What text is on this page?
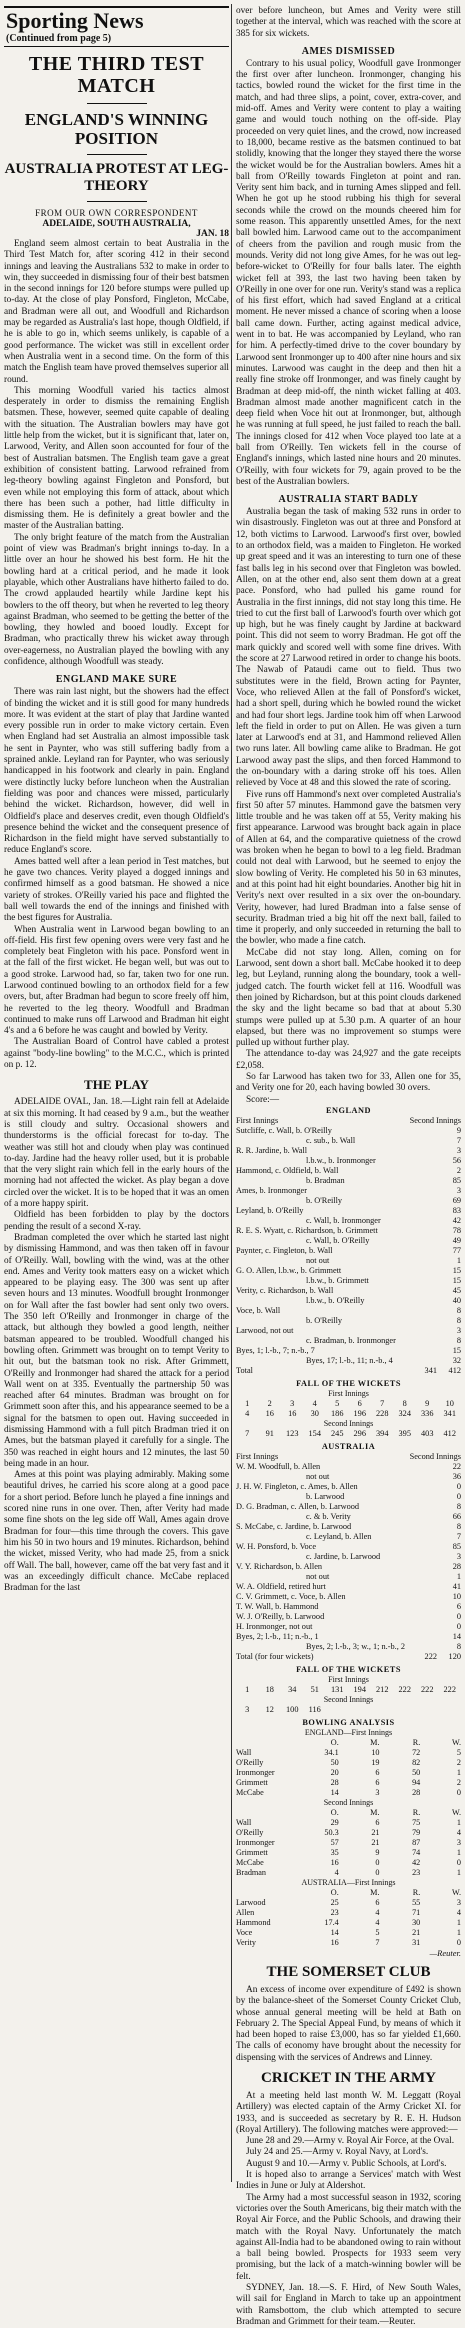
Sporting News
(Continued from page 5)
THE THIRD TEST MATCH
ENGLAND'S WINNING POSITION
AUSTRALIA PROTEST AT LEG-THEORY
FROM OUR OWN CORRESPONDENT
ADELAIDE, SOUTH AUSTRALIA,
JAN. 18

England seem almost certain to beat Australia in the Third Test Match for, after scoring 412 in their second innings and leaving the Australians 532 to make in order to win, they succeeded in dismissing four of their best batsmen in the second innings for 120 before stumps were pulled up to-day. At the close of play Ponsford, Fingleton, McCabe, and Bradman were all out, and Woodfull and Richardson may be regarded as Australia's last hope, though Oldfield, if he is able to go in, which seems unlikely, is capable of a good performance. The wicket was still in excellent order when Australia went in a second time. On the form of this match the English team have proved themselves superior all round.

This morning Woodfull varied his tactics almost desperately in order to dismiss the remaining English batsmen. These, however, seemed quite capable of dealing with the situation. The Australian bowlers may have got little help from the wicket, but it is significant that, later on, Larwood, Verity, and Allen soon accounted for four of the best of Australian batsmen. The English team gave a great exhibition of consistent batting. Larwood refrained from leg-theory bowling against Fingleton and Ponsford, but even while not employing this form of attack, about which there has been such a pother, had little difficulty in dismissing them. He is definitely a great bowler and the master of the Australian batting.

The only bright feature of the match from the Australian point of view was Bradman's bright innings to-day. In a little over an hour he showed his best form. He hit the bowling hard at a critical period, and he made it look playable, which other Australians have hitherto failed to do. The crowd applauded heartily while Jardine kept his bowlers to the off theory, but when he reverted to leg theory against Bradman, who seemed to be getting the better of the bowling, they howled and booed loudly. Except for Bradman, who practically threw his wicket away through over-eagerness, no Australian played the bowling with any confidence, although Woodfull was steady.

ENGLAND MAKE SURE

There was rain last night, but the showers had the effect of binding the wicket and it is still good for many hundreds more. It was evident at the start of play that Jardine wanted every possible run in order to make victory certain. Even when England had set Australia an almost impossible task he sent in Paynter, who was still suffering badly from a sprained ankle. Leyland ran for Paynter, who was seriously handicapped in his footwork and clearly in pain. England were distinctly lucky before luncheon when the Australian fielding was poor and chances were missed, particularly behind the wicket. Richardson, however, did well in Oldfield's place and deserves credit, even though Oldfield's presence behind the wicket and the consequent presence of Richardson in the field might have served substantially to reduce England's score.

Ames batted well after a lean period in Test matches, but he gave two chances. Verity played a dogged innings and confirmed himself as a good batsman. He showed a nice variety of strokes. O'Reilly varied his pace and flighted the ball well towards the end of the innings and finished with the best figures for Australia.

When Australia went in Larwood began bowling to an off-field. His first few opening overs were very fast and he completely beat Fingleton with his pace. Ponsford went in at the fall of the first wicket. He began well, but was out to a good stroke. Larwood had, so far, taken two for one run. Larwood continued bowling to an orthodox field for a few overs, but, after Bradman had begun to score freely off him, he reverted to the leg theory. Woodfull and Bradman continued to make runs off Larwood and Bradman hit eight 4's and a 6 before he was caught and bowled by Verity.

The Australian Board of Control have cabled a protest against "body-line bowling" to the M.C.C., which is printed on p. 12.

THE PLAY

ADELAIDE OVAL, Jan. 18.—Light rain fell at Adelaide at six this morning. It had ceased by 9 a.m., but the weather is still cloudy and sultry. Occasional showers and thunderstorms is the official forecast for to-day. The weather was still hot and cloudy when play was continued to-day. Jardine had the heavy roller used, but it is probable that the very slight rain which fell in the early hours of the morning had not affected the wicket. As play began a dove circled over the wicket. It is to be hoped that it was an omen of a more happy spirit.

Oldfield has been forbidden to play by the doctors pending the result of a second X-ray.

Bradman completed the over which he started last night by dismissing Hammond, and was then taken off in favour of O'Reilly. Wall, bowling with the wind, was at the other end. Ames and Verity took matters easy on a wicket which appeared to be playing easy. The 300 was sent up after seven hours and 13 minutes. Woodfull brought Ironmonger on for Wall after the fast bowler had sent only two overs. The 350 left O'Reilly and Ironmonger in charge of the attack, but although they bowled a good length, neither batsman appeared to be troubled. Woodfull changed his bowling often. Grimmett was brought on to tempt Verity to hit out, but the batsman took no risk. After Grimmett, O'Reilly and Ironmonger had shared the attack for a period Wall went on at 335. Eventually the partnership 50 was reached after 64 minutes. Bradman was brought on for Grimmett soon after this, and his appearance seemed to be a signal for the batsmen to open out. Having succeeded in dismissing Hammond with a full pitch Bradman tried it on Ames, but the batsman played it carefully for a single. The 350 was reached in eight hours and 12 minutes, the last 50 being made in an hour.

Ames at this point was playing admirably. Making some beautiful drives, he carried his score along at a good pace for a short period. Before lunch he played a fine innings and scored nine runs in one over. Then, after Verity had made some fine shots on the leg side off Wall, Ames again drove Bradman for four—this time through the covers. This gave him his 50 in two hours and 19 minutes. Richardson, behind the wicket, missed Verity, who had made 25, from a snick off Wall. The ball, however, came off the bat very fast and it was an exceedingly difficult chance. McCabe replaced Bradman for the last

over before luncheon, but Ames and Verity were still together at the interval, which was reached with the score at 385 for six wickets.

AMES DISMISSED

Contrary to his usual policy, Woodfull gave Ironmonger the first over after luncheon. Ironmonger, changing his tactics, bowled round the wicket for the first time in the match, and had three slips, a point, cover, extra-cover, and mid-off. Ames and Verity were content to play a waiting game and would touch nothing on the off-side. Play proceeded on very quiet lines, and the crowd, now increased to 18,000, became restive as the batsmen continued to bat stolidly, knowing that the longer they stayed there the worse the wicket would be for the Australian bowlers. Ames hit a ball from O'Reilly towards Fingleton at point and ran. Verity sent him back, and in turning Ames slipped and fell. When he got up he stood rubbing his thigh for several seconds while the crowd on the mounds cheered him for some reason. This apparently unsettled Ames, for the next ball bowled him. Larwood came out to the accompaniment of cheers from the pavilion and rough music from the mounds. Verity did not long give Ames, for he was out leg-before-wicket to O'Reilly for four balls later. The eighth wicket fell at 393, the last two having been taken by O'Reilly in one over for one run. Verity's stand was a replica of his first effort, which had saved England at a critical moment. He never missed a chance of scoring when a loose ball came down. Further, acting against medical advice, went in to bat. He was accompanied by Leyland, who ran for him. A perfectly-timed drive to the cover boundary by Larwood sent Ironmonger up to 400 after nine hours and six minutes. Larwood was caught in the deep and then hit a really fine stroke off Ironmonger, and was finely caught by Bradman at deep mid-off, the ninth wicket falling at 403. Bradman almost made another magnificent catch in the deep field when Voce hit out at Ironmonger, but, although he was running at full speed, he just failed to reach the ball. The innings closed for 412 when Voce played too late at a ball from O'Reilly. Ten wickets fell in the course of England's innings, which lasted nine hours and 20 minutes. O'Reilly, with four wickets for 79, again proved to be the best of the Australian bowlers.

AUSTRALIA START BADLY

Australia began the task of making 532 runs in order to win disastrously. Fingleton was out at three and Ponsford at 12, both victims to Larwood. Larwood's first over, bowled to an orthodox field, was a maiden to Fingleton. He worked up great speed and it was an interesting to turn one of these fast balls leg in his second over that Fingleton was bowled. Allen, on at the other end, also sent them down at a great pace. Ponsford, who had pulled his game round for Australia in the first innings, did not stay long this time. He tried to cut the first ball of Larwood's fourth over which got up high, but he was finely caught by Jardine at backward point. This did not seem to worry Bradman. He got off the mark quickly and scored well with some fine drives. With the score at 27 Larwood retired in order to change his boots. The Nawab of Pataudi came out to field. Thus two substitutes were in the field, Brown acting for Paynter, Voce, who relieved Allen at the fall of Ponsford's wicket, had a short spell, during which he bowled round the wicket and had four short legs. Jardine took him off when Larwood left the field in order to put on Allen. He was given a turn later at Larwood's end at 31, and Hammond relieved Allen two runs later. All bowling came alike to Bradman. He got Larwood away past the slips, and then forced Hammond to the on-boundary with a daring stroke off his toes. Allen relieved by Voce at 48 and this slowed the rate of scoring.

Five runs off Hammond's next over completed Australia's first 50 after 57 minutes. Hammond gave the batsmen very little trouble and he was taken off at 55, Verity making his first appearance. Larwood was brought back again in place of Allen at 64, and the comparative quietness of the crowd was broken when he began to bowl to a leg field. Bradman could not deal with Larwood, but he seemed to enjoy the slow bowling of Verity. He completed his 50 in 63 minutes, and at this point had hit eight boundaries. Another big hit in Verity's next over resulted in a six over the on-boundary. Verity, however, had lured Bradman into a false sense of security. Bradman tried a big hit off the next ball, failed to time it properly, and only succeeded in returning the ball to the bowler, who made a fine catch.

McCabe did not stay long. Allen, coming on for Larwood, sent down a short ball. McCabe hooked it to deep leg, but Leyland, running along the boundary, took a well-judged catch. The fourth wicket fell at 116. Woodfull was then joined by Richardson, but at this point clouds darkened the sky and the light became so bad that at about 5.30 stumps were pulled up at 5.30 p.m. A quarter of an hour elapsed, but there was no improvement so stumps were pulled up without further play.

The attendance to-day was 24,927 and the gate receipts £2,058.

So far Larwood has taken two for 33, Allen one for 35, and Verity one for 20, each having bowled 30 overs.

Score:—

ENGLAND
First Innings	Second Innings
Sutcliffe, c. Wall, b. O'Reilly	9
c. sub., b. Wall	7
R. R. Jardine, b. Wall	3
l.b.w., b. Ironmonger	56
Hammond, c. Oldfield, b. Wall	2
b. Bradman	85
Ames, b. Ironmonger	3
b. O'Reilly	69
Leyland, b. O'Reilly	83
c. Wall, b. Ironmonger	42
R. E. S. Wyatt, c. Richardson, b. Grimmett	78
c. Wall, b. O'Reilly	49
Paynter, c. Fingleton, b. Wall	77
not out	1
G. O. Allen, l.b.w., b. Grimmett	15
l.b.w., b. Grimmett	15
Verity, c. Richardson, b. Wall	45
l.b.w., b. O'Reilly	40
Voce, b. Wall	8
b. O'Reilly	8
Larwood, not out	3
c. Bradman, b. Ironmonger	8
Byes, 1; l.-b., 7; n.-b., 7	15
Byes, 17; l.-b., 11; n.-b., 4	32
Total	341	412
FALL OF THE WICKETS
First Innings
1	2	3	4	5	6	7	8	9	10
4	16	16	30	186	196	228	324	336	341
Second Innings
7	91	123	154	245	296	394	395	403	412
AUSTRALIA
First Innings	Second Innings
W. M. Woodfull, b. Allen	22
not out	36
J. H. W. Fingleton, c. Ames, b. Allen	0
b. Larwood	0
D. G. Bradman, c. Allen, b. Larwood	8
c. & b. Verity	66
S. McCabe, c. Jardine, b. Larwood	8
c. Leyland, b. Allen	7
W. H. Ponsford, b. Voce	85
c. Jardine, b. Larwood	3
V. Y. Richardson, b. Allen	28
not out	1
W. A. Oldfield, retired hurt	41
C. V. Grimmett, c. Voce, b. Allen	10
T. W. Wall, b. Hammond	6
W. J. O'Reilly, b. Larwood	0
H. Ironmonger, not out	0
Byes, 2; l.-b., 11; n.-b., 1	14
Byes, 2; l.-b., 3; w., 1; n.-b., 2	8
Total (for four wickets)	222	120
FALL OF THE WICKETS
First Innings
1	18	34	51	131	194	212	222	222	222
Second Innings
3	12	100	116
BOWLING ANALYSIS
ENGLAND—First Innings
O.	M.	R.	W.
Wall	34.1	10	72	5
O'Reilly	50	19	82	2
Ironmonger	20	6	50	1
Grimmett	28	6	94	2
McCabe	14	3	28	0
Second Innings
O.	M.	R.	W.
Wall	29	6	75	1
O'Reilly	50.3	21	79	4
Ironmonger	57	21	87	3
Grimmett	35	9	74	1
McCabe	16	0	42	0
Bradman	4	0	23	1
AUSTRALIA—First Innings
O.	M.	R.	W.
Larwood	25	6	55	3
Allen	23	4	71	4
Hammond	17.4	4	30	1
Voce	14	5	21	1
Verity	16	7	31	0
—Reuter.
THE SOMERSET CLUB

An excess of income over expenditure of £492 is shown by the balance-sheet of the Somerset County Cricket Club, whose annual general meeting will be held at Bath on February 2. The Special Appeal Fund, by means of which it had been hoped to raise £3,000, has so far yielded £1,660. The calls of economy have brought about the necessity for dispensing with the services of Andrews and Linney.

CRICKET IN THE ARMY

At a meeting held last month W. M. Leggatt (Royal Artillery) was elected captain of the Army Cricket XI. for 1933, and is succeeded as secretary by R. E. H. Hudson (Royal Artillery). The following matches were approved:—

June 28 and 29.—Army v. Royal Air Force, at the Oval.

July 24 and 25.—Army v. Royal Navy, at Lord's.

August 9 and 10.—Army v. Public Schools, at Lord's.

It is hoped also to arrange a Services' match with West Indies in June or July at Aldershot.

The Army had a most successful season in 1932, scoring victories over the South Americans, big their match with the Royal Air Force, and the Public Schools, and drawing their match with the Royal Navy. Unfortunately the match against All-India had to be abandoned owing to rain without a ball being bowled. Prospects for 1933 seem very promising, but the lack of a match-winning bowler will be felt.

SYDNEY, Jan. 18.—S. F. Hird, of New South Wales, will sail for England in March to take up an appointment with Ramsbottom, the club which attempted to secure Bradman and Grimmett for their team.—Reuter.
